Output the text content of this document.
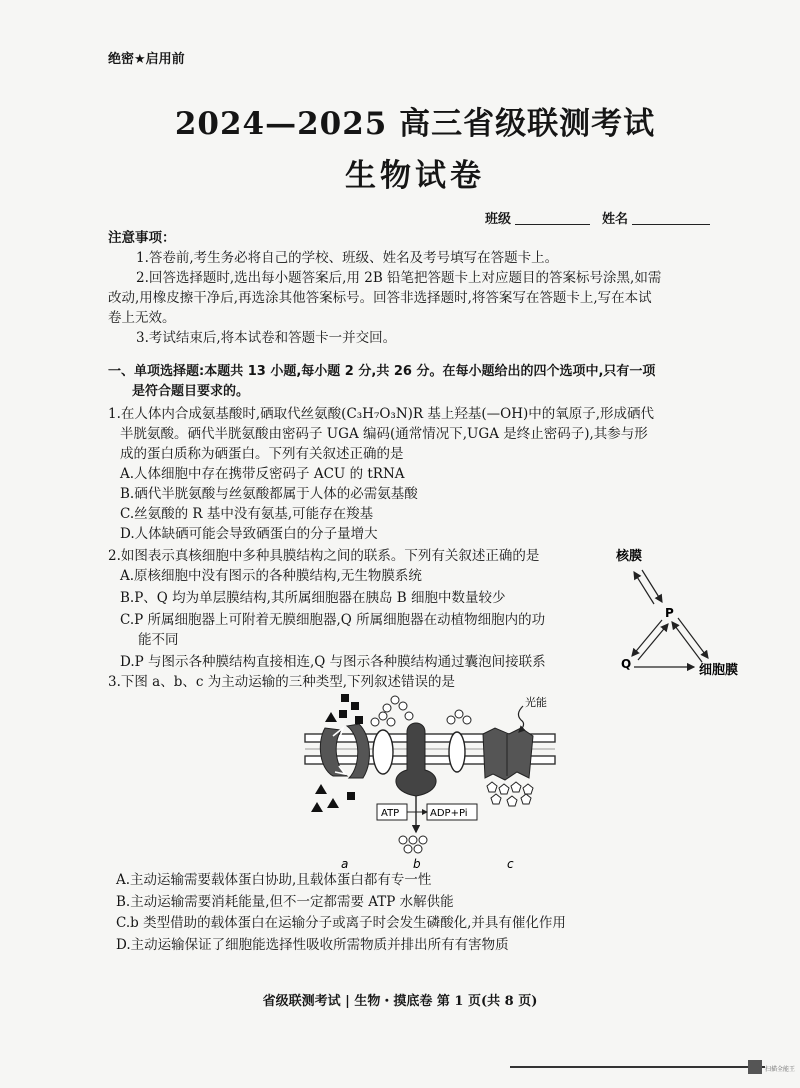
绝密★启用前
2024—2025 高三省级联测考试
生物试卷
班级	姓名
注意事项：
1.答卷前,考生务必将自己的学校、班级、姓名及考号填写在答题卡上。
2.回答选择题时,选出每小题答案后,用 2B 铅笔把答题卡上对应题目的答案标号涂黑,如需
改动,用橡皮擦干净后,再选涂其他答案标号。回答非选择题时,将答案写在答题卡上,写在本试
卷上无效。
3.考试结束后,将本试卷和答题卡一并交回。
一、单项选择题:本题共 13 小题,每小题 2 分,共 26 分。在每小题给出的四个选项中,只有一项
是符合题目要求的。
1.在人体内合成氨基酸时,硒取代丝氨酸(C₃H₇O₃N)R 基上羟基(—OH)中的氧原子,形成硒代
半胱氨酸。硒代半胱氨酸由密码子 UGA 编码(通常情况下,UGA 是终止密码子),其参与形
成的蛋白质称为硒蛋白。下列有关叙述正确的是
A.人体细胞中存在携带反密码子 ACU 的 tRNA
B.硒代半胱氨酸与丝氨酸都属于人体的必需氨基酸
C.丝氨酸的 R 基中没有氨基,可能存在羧基
D.人体缺硒可能会导致硒蛋白的分子量增大
2.如图表示真核细胞中多种具膜结构之间的联系。下列有关叙述正确的是
A.原核细胞中没有图示的各种膜结构,无生物膜系统
B.P、Q 均为单层膜结构,其所属细胞器在胰岛 B 细胞中数量较少
C.P 所属细胞器上可附着无膜细胞器,Q 所属细胞器在动植物细胞内的功
能不同
D.P 与图示各种膜结构直接相连,Q 与图示各种膜结构通过囊泡间接联系
核膜
P
Q	细胞膜
3.下图 a、b、c 为主动运输的三种类型,下列叙述错误的是
ATP	ADP+Pi
光能
a	b	c
A.主动运输需要载体蛋白协助,且载体蛋白都有专一性
B.主动运输需要消耗能量,但不一定都需要 ATP 水解供能
C.b 类型借助的载体蛋白在运输分子或离子时会发生磷酸化,并具有催化作用
D.主动运输保证了细胞能选择性吸收所需物质并排出所有有害物质
省级联测考试 | 生物・摸底卷 第 1 页(共 8 页)
扫描全能王
